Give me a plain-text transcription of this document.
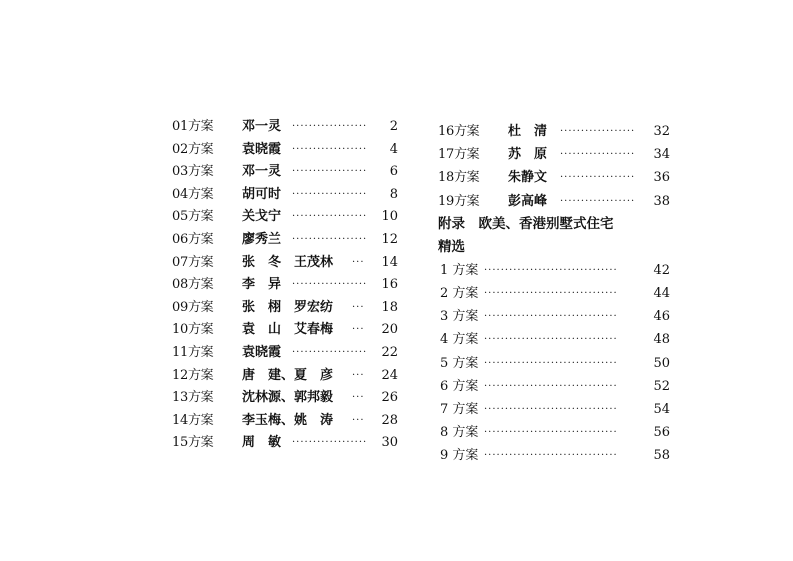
01方案 邓一灵 ··················	2
02方案 袁晓霞 ··················	4
03方案 邓一灵 ··················	6
04方案 胡可时 ··················	8
05方案 关戈宁 ··················	10
06方案 廖秀兰 ··················	12
07方案 张　冬　王茂林 ···	14
08方案 李　异 ··················	16
09方案 张　栩　罗宏纺 ···	18
10方案 袁　山　艾春梅 ···	20
11方案 袁晓霞 ··················	22
12方案 唐　建、夏　彦 ···	24
13方案 沈林源、郭邦毅 ···	26
14方案 李玉梅、姚　涛 ···	28
15方案 周　敏 ··················	30
16方案 杜　清 ··················	32
17方案 苏　原 ··················	34
18方案 朱静文 ··················	36
19方案 彭高峰 ··················	38
附录　欧美、香港别墅式住宅
精选
1 方案 ································	42
2 方案 ································	44
3 方案 ································	46
4 方案 ································	48
5 方案 ································	50
6 方案 ································	52
7 方案 ································	54
8 方案 ································	56
9 方案 ································	58
